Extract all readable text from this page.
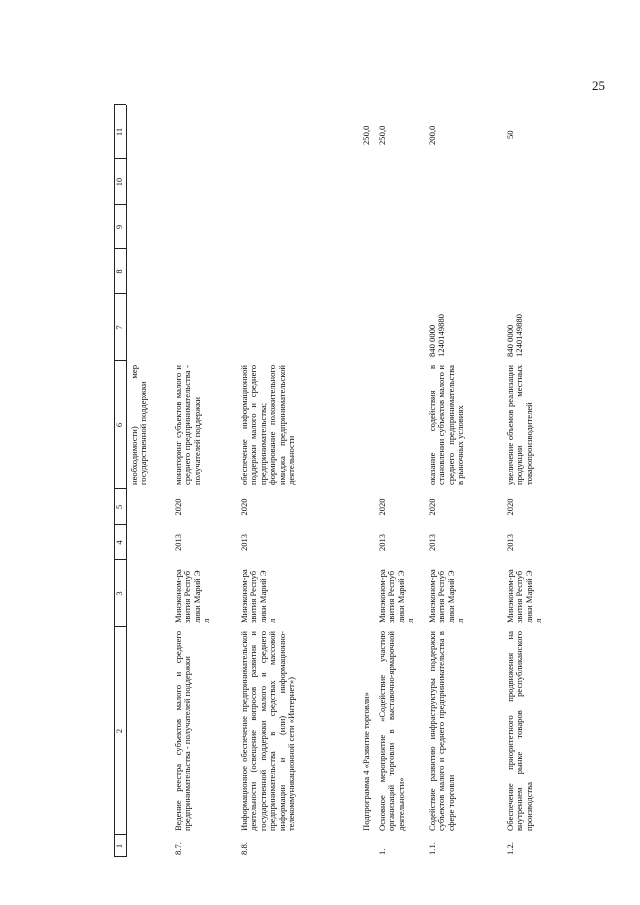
25
1
2
3
4
5
6
7
8
9
10
11
необходимости) мер государственной поддержки
8.7.
Ведение реестра субъектов малого и среднего предпринимательства - получателей поддержки
Минэконом-развития Республики Марий Эл
2013
2020
мониторинг субъектов малого и среднего предпринимательства - получателей поддержки
8.8.
Информационное обеспечение предпринимательской деятельности (освещение вопросов развития и государственной поддержки малого и среднего предпринимательства в средствах массовой информации и (или) информационно-телекоммуникационной сети «Интернет»)
Минэконом-развития Республики Марий Эл
2013
2020
обеспечение информационной поддержки малого и среднего предпринимательства; формирование положительного имиджа предпринимательской деятельности
Подпрограмма 4 «Развитие торговли»
250,0
1.
Основное мероприятие «Содействие участию организаций торговли в выставочно-ярмарочной деятельности»
Минэконом-развития Республики Марий Эл
2013
2020
250,0
1.1.
Содействие развитию инфраструктуры поддержки субъектов малого и среднего предпринимательства в сфере торговли
Минэконом-развития Республики Марий Эл
2013
2020
оказание содействия в становлении субъектов малого и среднего предпринимательства в рыночных условиях
840 0000 1240149880
200,0
1.2.
Обеспечение приоритетного продвижения на внутреннем рынке товаров республиканского производства
Минэконом-развития Республики Марий Эл
2013
2020
увеличение объемов реализации продукции местных товаропроизводителей
840 0000 1240149880
50
